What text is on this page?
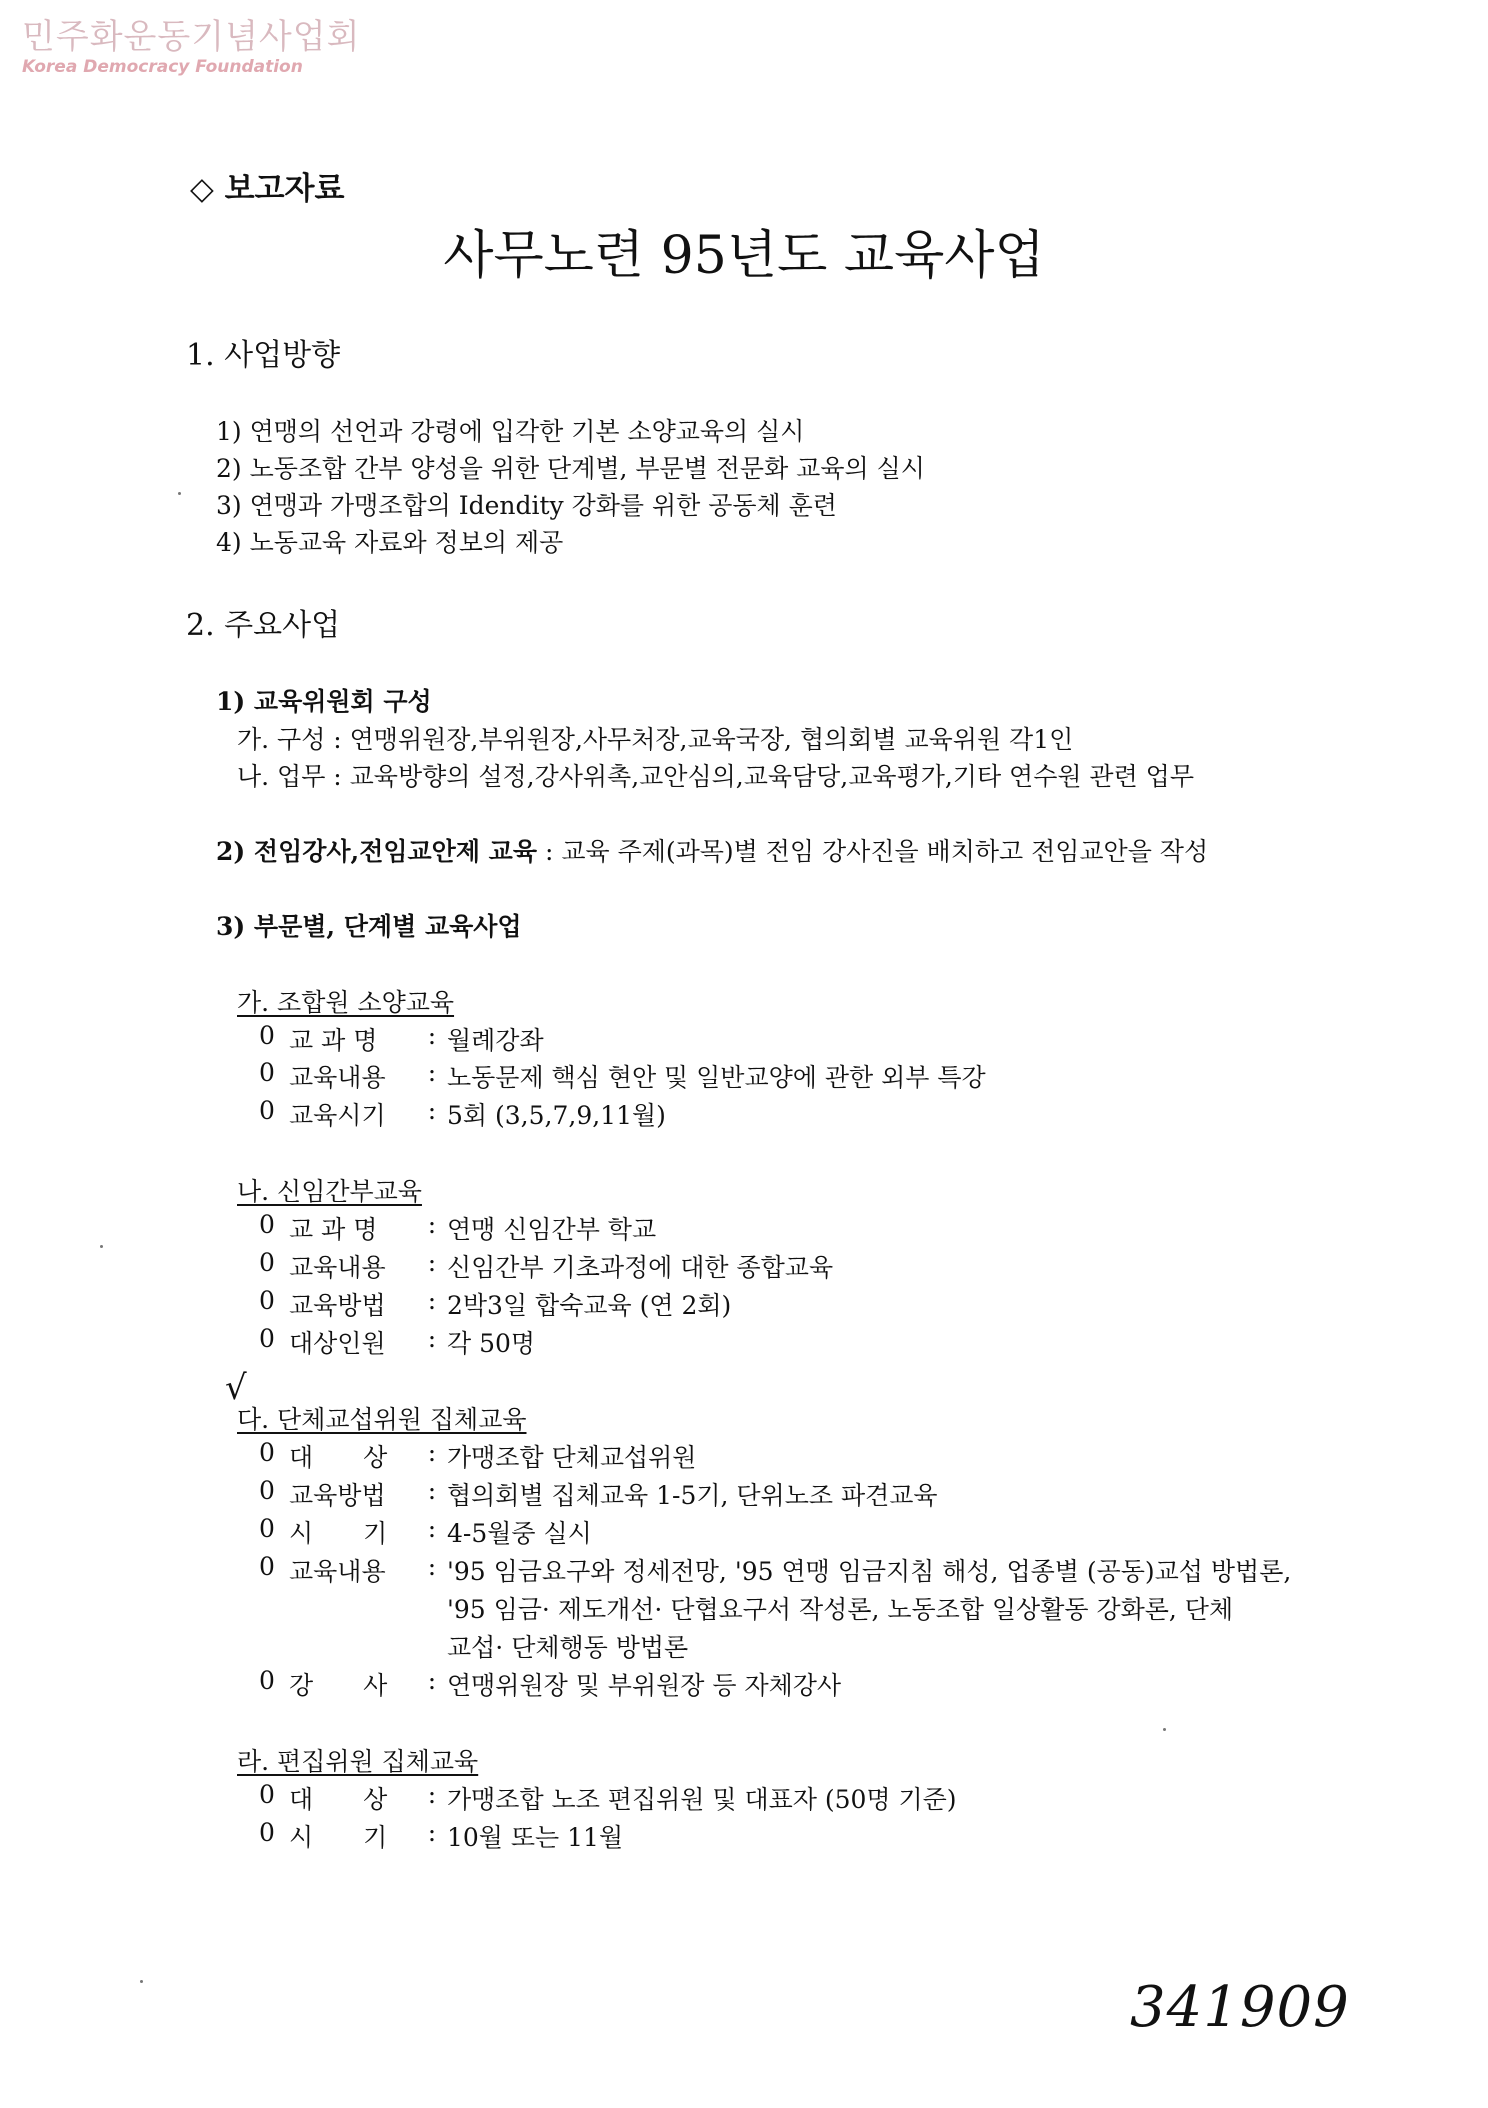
민주화운동기념사업회
Korea Democracy Foundation
◇ 보고자료
사무노련 95년도 교육사업
1. 사업방향
1) 연맹의 선언과 강령에 입각한 기본 소양교육의 실시
2) 노동조합 간부 양성을 위한 단계별, 부문별 전문화 교육의 실시
3) 연맹과 가맹조합의 Idendity 강화를 위한 공동체 훈련
4) 노동교육 자료와 정보의 제공
2. 주요사업
1) 교육위원회 구성
가. 구성 : 연맹위원장,부위원장,사무처장,교육국장, 협의회별 교육위원 각1인
나. 업무 : 교육방향의 설정,강사위촉,교안심의,교육담당,교육평가,기타 연수원 관련 업무
2) 전임강사,전임교안제 교육 : 교육 주제(과목)별 전임 강사진을 배치하고 전임교안을 작성
3) 부문별, 단계별 교육사업
가. 조합원 소양교육
0 교 과 명	: 월례강좌
0 교육내용	: 노동문제 핵심 현안 및 일반교양에 관한 외부 특강
0 교육시기	: 5회 (3,5,7,9,11월)
나. 신임간부교육
0 교 과 명	: 연맹 신임간부 학교
0 교육내용	: 신임간부 기초과정에 대한 종합교육
0 교육방법	: 2박3일 합숙교육 (연 2회)
0 대상인원	: 각 50명
√
다. 단체교섭위원 집체교육
0 대　　상	: 가맹조합 단체교섭위원
0 교육방법	: 협의회별 집체교육 1-5기, 단위노조 파견교육
0 시　　기	: 4-5월중 실시
0 교육내용	: '95 임금요구와 정세전망, '95 연맹 임금지침 해성, 업종별 (공동)교섭 방법론,
'95 임금· 제도개선· 단협요구서 작성론, 노동조합 일상활동 강화론, 단체
교섭· 단체행동 방법론
0 강　　사	: 연맹위원장 및 부위원장 등 자체강사
라. 편집위원 집체교육
0 대　　상	: 가맹조합 노조 편집위원 및 대표자 (50명 기준)
0 시　　기	: 10월 또는 11월
341909
